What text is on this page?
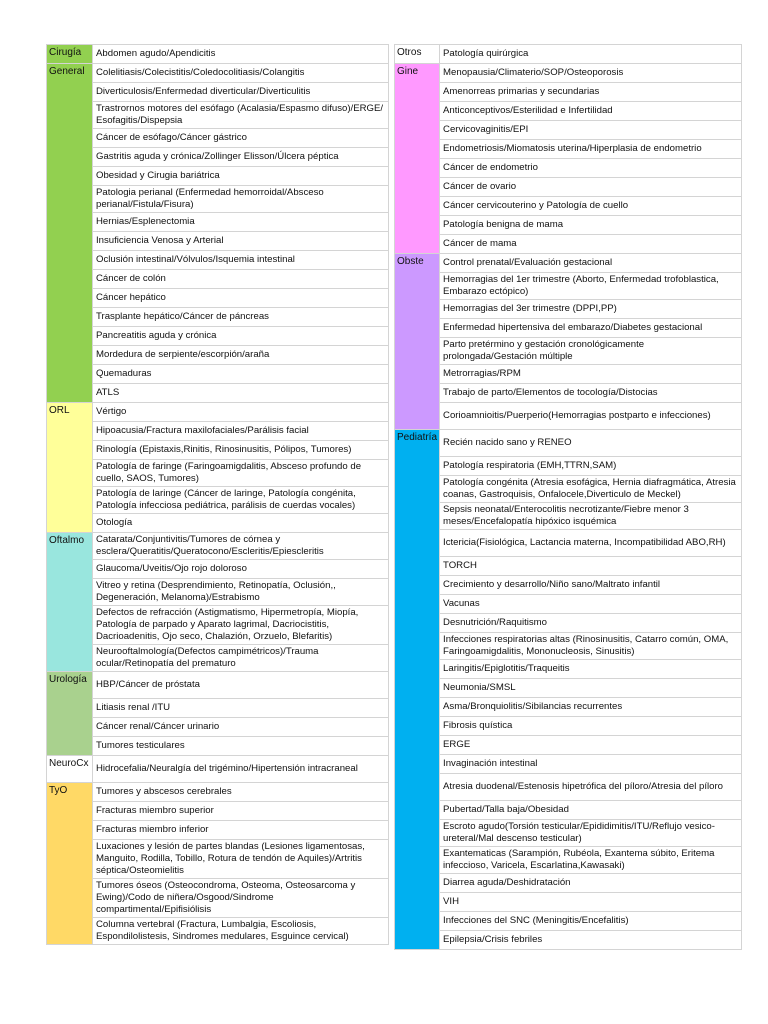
Cirugía	Abdomen agudo/Apendicitis
General	Colelitiasis/Colecistitis/Coledocolitiasis/Colangitis
	Diverticulosis/Enfermedad diverticular/Diverticulitis
	Trastrornos motores del esófago (Acalasia/Espasmo difuso)/ERGE/ Esofagitis/Dispepsia
	Cáncer de esófago/Cáncer gástrico
	Gastritis aguda y crónica/Zollinger Elisson/Úlcera péptica
	Obesidad y Cirugia bariátrica
	Patologia perianal (Enfermedad hemorroidal/Absceso perianal/Fistula/Fisura)
	Hernias/Esplenectomia
	Insuficiencia Venosa y Arterial
	Oclusión intestinal/Vólvulos/Isquemia intestinal
	Cáncer de colón
	Cáncer hepático
	Trasplante hepático/Cáncer de páncreas
	Pancreatitis aguda y crónica
	Mordedura de serpiente/escorpión/araña
	Quemaduras
	ATLS
ORL	Vértigo
	Hipoacusia/Fractura maxilofaciales/Parálisis facial
	Rinología (Epistaxis,Rinitis, Rinosinusitis, Pólipos, Tumores)
	Patología de faringe (Faringoamigdalitis, Absceso profundo de cuello, SAOS, Tumores)
	Patología de laringe (Cáncer de laringe, Patología congénita, Patología infecciosa pediátrica, parálisis de cuerdas vocales)
	Otología
Oftalmo	Catarata/Conjuntivitis/Tumores de córnea y esclera/Queratitis/Queratocono/Escleritis/Epiescleritis
	Glaucoma/Uveitis/Ojo rojo doloroso
	Vitreo y retina (Desprendimiento, Retinopatía, Oclusión,, Degeneración, Melanoma)/Estrabismo
	Defectos de refracción (Astigmatismo, Hipermetropía, Miopía, Patología de parpado y Aparato lagrimal, Dacriocistitis, Dacrioadenitis, Ojo seco, Chalazión, Orzuelo, Blefaritis)
	Neurooftalmología(Defectos campimétricos)/Trauma ocular/Retinopatía del prematuro
Urología	HBP/Cáncer de próstata
	Litiasis renal /ITU
	Cáncer renal/Cáncer urinario
	Tumores testiculares
NeuroCx	Hidrocefalia/Neuralgía del trigémino/Hipertensión intracraneal
TyO	Tumores y abscesos cerebrales
	Fracturas miembro superior
	Fracturas miembro inferior
	Luxaciones y lesión de partes blandas (Lesiones ligamentosas, Manguito, Rodilla, Tobillo, Rotura de tendón de Aquiles)/Artritis séptica/Osteomielitis
	Tumores óseos (Osteocondroma, Osteoma, Osteosarcoma y Ewing)/Codo de niñera/Osgood/Sindrome compartimental/Epifisiólisis
	Columna vertebral (Fractura, Lumbalgia, Escoliosis, Espondilolistesis, Sindromes medulares, Esguince cervical)
Otros	Patología quirúrgica
Gine	Menopausia/Climaterio/SOP/Osteoporosis
	Amenorreas primarias y secundarias
	Anticonceptivos/Esterilidad e Infertilidad
	Cervicovaginitis/EPI
	Endometriosis/Miomatosis uterina/Hiperplasia de endometrio
	Cáncer de endometrio
	Cáncer de ovario
	Cáncer cervicouterino y Patología de cuello
	Patología benigna de mama
	Cáncer de mama
Obste	Control prenatal/Evaluación gestacional
	Hemorragias del 1er trimestre (Aborto, Enfermedad trofoblastica, Embarazo ectópico)
	Hemorragias del 3er trimestre (DPPI,PP)
	Enfermedad hipertensiva del embarazo/Diabetes gestacional
	Parto pretérmino y gestación cronológicamente prolongada/Gestación múltiple
	Metrorragias/RPM
	Trabajo de parto/Elementos de tocología/Distocias
	Corioamnioitis/Puerperio(Hemorragias postparto e infecciones)
Pediatría	Recién nacido sano y RENEO
	Patología respiratoria (EMH,TTRN,SAM)
	Patología congénita (Atresia esofágica, Hernia diafragmática, Atresia coanas, Gastroquisis, Onfalocele,Diverticulo de Meckel)
	Sepsis neonatal/Enterocolitis necrotizante/Fiebre menor 3 meses/Encefalopatía hipóxico isquémica
	Ictericia(Fisiológica, Lactancia materna, Incompatibilidad ABO,RH)
	TORCH
	Crecimiento y desarrollo/Niño sano/Maltrato infantil
	Vacunas
	Desnutrición/Raquitismo
	Infecciones respiratorias altas (Rinosinusitis, Catarro común, OMA, Faringoamigdalitis, Mononucleosis, Sinusitis)
	Laringitis/Epiglotitis/Traqueitis
	Neumonia/SMSL
	Asma/Bronquiolitis/Sibilancias recurrentes
	Fibrosis quística
	ERGE
	Invaginación intestinal
	Atresia duodenal/Estenosis hipetrófica del píloro/Atresia del píloro
	Pubertad/Talla baja/Obesidad
	Escroto agudo(Torsión testicular/Epididimitis/ITU/Reflujo vesico-ureteral/Mal descenso testicular)
	Exantematicas (Sarampión, Rubéola, Exantema súbito, Eritema infeccioso, Varicela, Escarlatina,Kawasaki)
	Diarrea aguda/Deshidratación
	VIH
	Infecciones del SNC (Meningitis/Encefalitis)
	Epilepsia/Crisis febriles
